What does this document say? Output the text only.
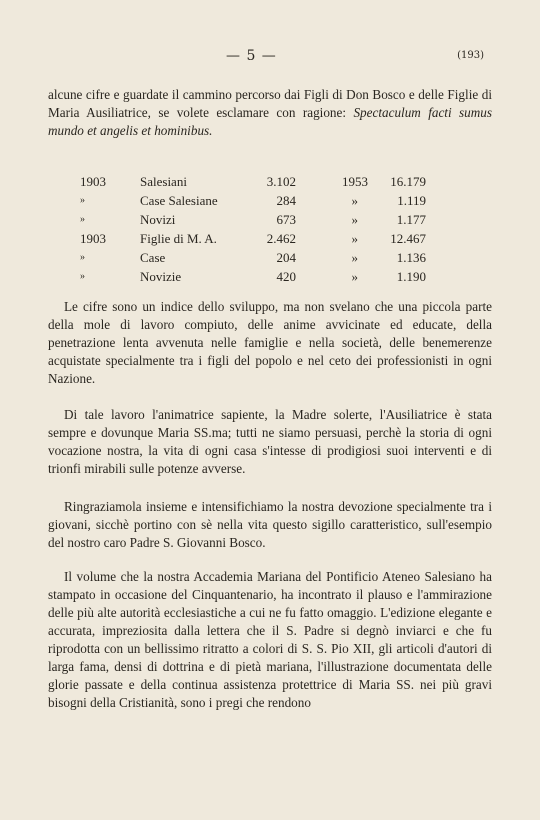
— 5 —	(193)

alcune cifre e guardate il cammino percorso dai Figli di Don Bosco e delle Figlie di Maria Ausiliatrice, se volete esclamare con ragione: Spectaculum facti sumus mundo et angelis et hominibus.

1903	Salesiani	3.102	1953	16.179
»	Case Salesiane	284	»	1.119
»	Novizi	673	»	1.177
1903	Figlie di M. A.	2.462	»	12.467
»	Case	204	»	1.136
»	Novizie	420	»	1.190

Le cifre sono un indice dello sviluppo, ma non svelano che una piccola parte della mole di lavoro compiuto, delle anime avvicinate ed educate, della penetrazione lenta avvenuta nelle famiglie e nella società, delle benemerenze acquistate specialmente tra i figli del popolo e nel ceto dei professionisti in ogni Nazione.

Di tale lavoro l'animatrice sapiente, la Madre solerte, l'Ausiliatrice è stata sempre e dovunque Maria SS.ma; tutti ne siamo persuasi, perchè la storia di ogni vocazione nostra, la vita di ogni casa s'intesse di prodigiosi suoi interventi e di trionfi mirabili sulle potenze avverse.

Ringraziamola insieme e intensifichiamo la nostra devozione specialmente tra i giovani, sicchè portino con sè nella vita questo sigillo caratteristico, sull'esempio del nostro caro Padre S. Giovanni Bosco.

Il volume che la nostra Accademia Mariana del Pontificio Ateneo Salesiano ha stampato in occasione del Cinquantenario, ha incontrato il plauso e l'ammirazione delle più alte autorità ecclesiastiche a cui ne fu fatto omaggio. L'edizione elegante e accurata, impreziosita dalla lettera che il S. Padre si degnò inviarci e che fu riprodotta con un bellissimo ritratto a colori di S. S. Pio XII, gli articoli d'autori di larga fama, densi di dottrina e di pietà mariana, l'illustrazione documentata delle glorie passate e della continua assistenza protettrice di Maria SS. nei più gravi bisogni della Cristianità, sono i pregi che rendono
